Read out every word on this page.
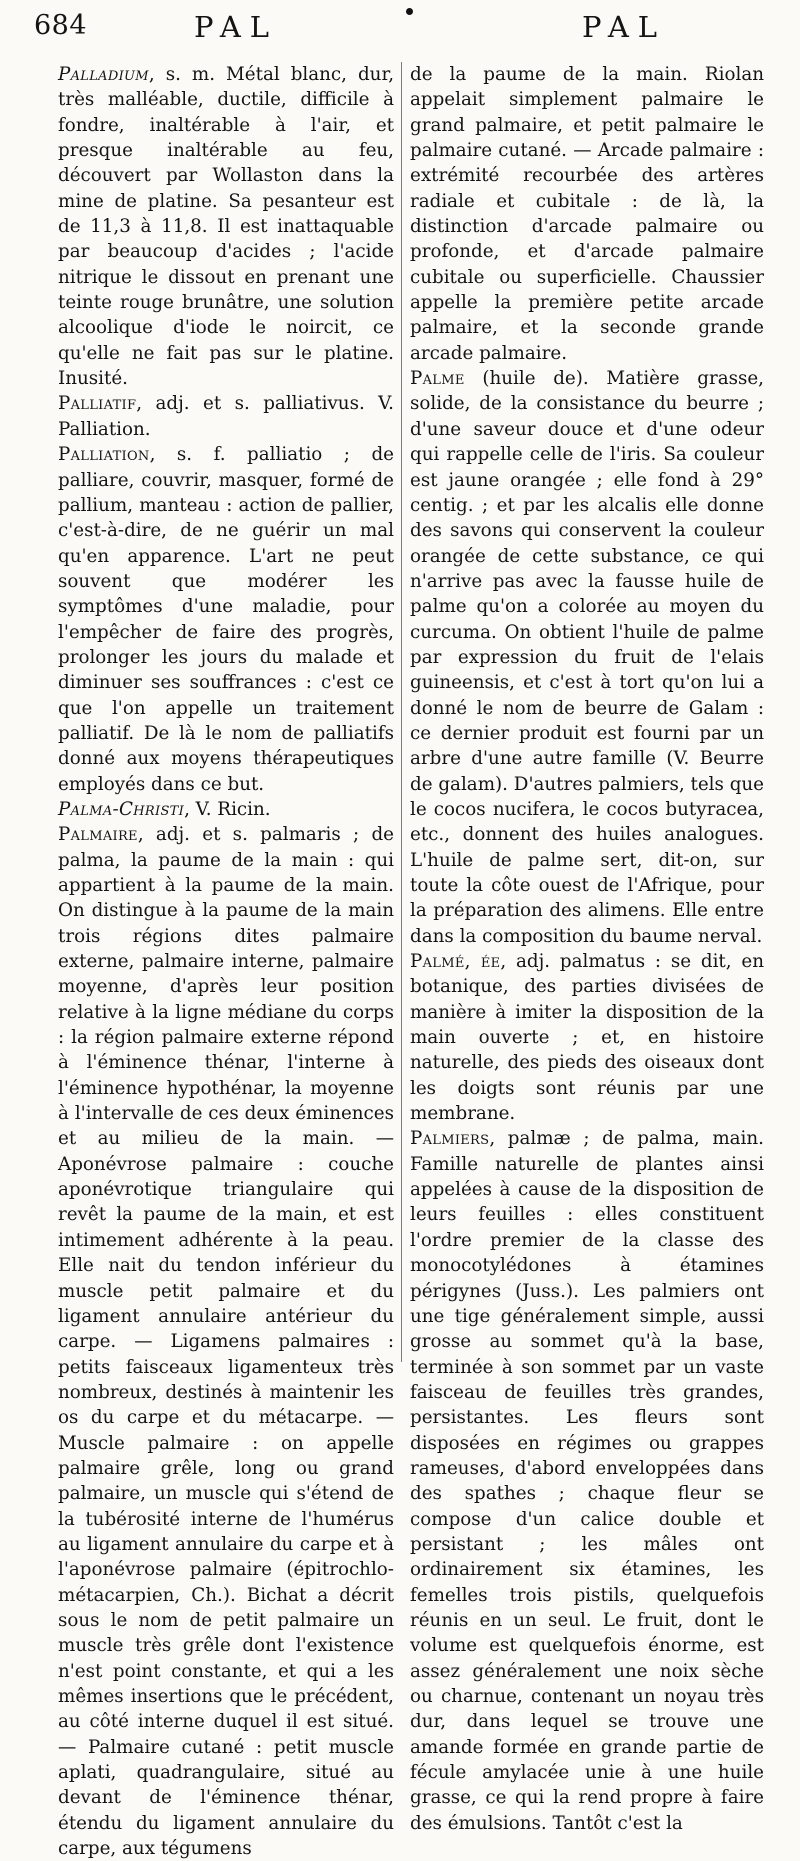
684	PAL	PAL

Palladium, s. m. Métal blanc, dur, très malléable, ductile, difficile à fondre, inaltérable à l'air, et presque inaltérable au feu, découvert par Wollaston dans la mine de platine. Sa pesanteur est de 11,3 à 11,8. Il est inattaquable par beaucoup d'acides ; l'acide nitrique le dissout en prenant une teinte rouge brunâtre, une solution alcoolique d'iode le noircit, ce qu'elle ne fait pas sur le platine. Inusité.

Palliatif, adj. et s. palliativus. V. Palliation.

Palliation, s. f. palliatio ; de palliare, couvrir, masquer, formé de pallium, manteau : action de pallier, c'est-à-dire, de ne guérir un mal qu'en apparence. L'art ne peut souvent que modérer les symptômes d'une maladie, pour l'empêcher de faire des progrès, prolonger les jours du malade et diminuer ses souffrances : c'est ce que l'on appelle un traitement palliatif. De là le nom de palliatifs donné aux moyens thérapeutiques employés dans ce but.

Palma-Christi, V. Ricin.

Palmaire, adj. et s. palmaris ; de palma, la paume de la main : qui appartient à la paume de la main. On distingue à la paume de la main trois régions dites palmaire externe, palmaire interne, palmaire moyenne, d'après leur position relative à la ligne médiane du corps : la région palmaire externe répond à l'éminence thénar, l'interne à l'éminence hypothénar, la moyenne à l'intervalle de ces deux éminences et au milieu de la main. — Aponévrose palmaire : couche aponévrotique triangulaire qui revêt la paume de la main, et est intimement adhérente à la peau. Elle nait du tendon inférieur du muscle petit palmaire et du ligament annulaire antérieur du carpe. — Ligamens palmaires : petits faisceaux ligamenteux très nombreux, destinés à maintenir les os du carpe et du métacarpe. — Muscle palmaire : on appelle palmaire grêle, long ou grand palmaire, un muscle qui s'étend de la tubérosité interne de l'humérus au ligament annulaire du carpe et à l'aponévrose palmaire (épitrochlo-métacarpien, Ch.). Bichat a décrit sous le nom de petit palmaire un muscle très grêle dont l'existence n'est point constante, et qui a les mêmes insertions que le précédent, au côté interne duquel il est situé. — Palmaire cutané : petit muscle aplati, quadrangulaire, situé au devant de l'éminence thénar, étendu du ligament annulaire du carpe, aux tégumens

de la paume de la main. Riolan appelait simplement palmaire le grand palmaire, et petit palmaire le palmaire cutané. — Arcade palmaire : extrémité recourbée des artères radiale et cubitale : de là, la distinction d'arcade palmaire ou profonde, et d'arcade palmaire cubitale ou superficielle. Chaussier appelle la première petite arcade palmaire, et la seconde grande arcade palmaire.

Palme (huile de). Matière grasse, solide, de la consistance du beurre ; d'une saveur douce et d'une odeur qui rappelle celle de l'iris. Sa couleur est jaune orangée ; elle fond à 29° centig. ; et par les alcalis elle donne des savons qui conservent la couleur orangée de cette substance, ce qui n'arrive pas avec la fausse huile de palme qu'on a colorée au moyen du curcuma. On obtient l'huile de palme par expression du fruit de l'elais guineensis, et c'est à tort qu'on lui a donné le nom de beurre de Galam : ce dernier produit est fourni par un arbre d'une autre famille (V. Beurre de galam). D'autres palmiers, tels que le cocos nucifera, le cocos butyracea, etc., donnent des huiles analogues. L'huile de palme sert, dit-on, sur toute la côte ouest de l'Afrique, pour la préparation des alimens. Elle entre dans la composition du baume nerval.

Palmé, ée, adj. palmatus : se dit, en botanique, des parties divisées de manière à imiter la disposition de la main ouverte ; et, en histoire naturelle, des pieds des oiseaux dont les doigts sont réunis par une membrane.

Palmiers, palmæ ; de palma, main. Famille naturelle de plantes ainsi appelées à cause de la disposition de leurs feuilles : elles constituent l'ordre premier de la classe des monocotylédones à étamines périgynes (Juss.). Les palmiers ont une tige généralement simple, aussi grosse au sommet qu'à la base, terminée à son sommet par un vaste faisceau de feuilles très grandes, persistantes. Les fleurs sont disposées en régimes ou grappes rameuses, d'abord enveloppées dans des spathes ; chaque fleur se compose d'un calice double et persistant ; les mâles ont ordinairement six étamines, les femelles trois pistils, quelquefois réunis en un seul. Le fruit, dont le volume est quelquefois énorme, est assez généralement une noix sèche ou charnue, contenant un noyau très dur, dans lequel se trouve une amande formée en grande partie de fécule amylacée unie à une huile grasse, ce qui la rend propre à faire des émulsions. Tantôt c'est la
